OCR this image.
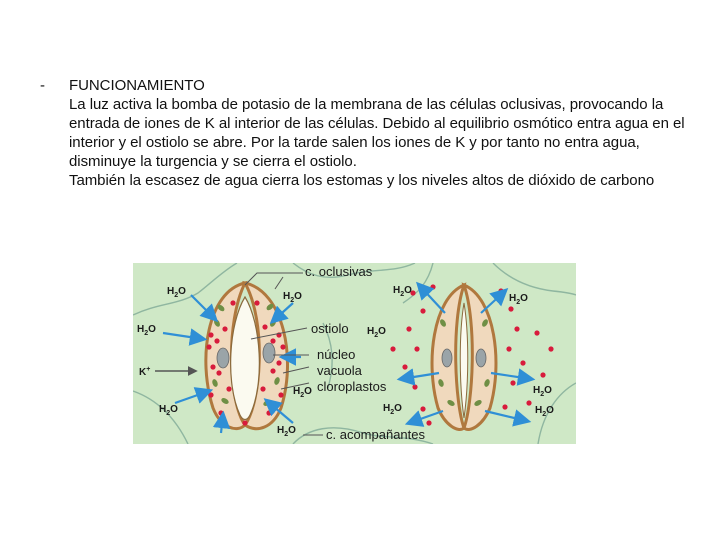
- FUNCIONAMIENTO

La luz activa la bomba de potasio de la membrana de las células oclusivas, provocando la entrada de iones de K al interior de las células. Debido al equilibrio osmótico entra agua en el interior y el ostiolo se abre. Por la tarde salen los iones de K y por tanto no entra agua, disminuye la turgencia y se cierra el ostiolo.

También la escasez de agua cierra los estomas y los niveles altos de dióxido de carbono

c. oclusivas
ostiolo
núcleo
vacuola
cloroplastos
c. acompañantes
$H_2O$	$H_2O$
$H_2O$	$H_2O$
$H_2O$
$H_2O$
$H_2O$
$H_2O$
$H_2O$
$H_2O$
$H_2O$
$H_2O$
K+
